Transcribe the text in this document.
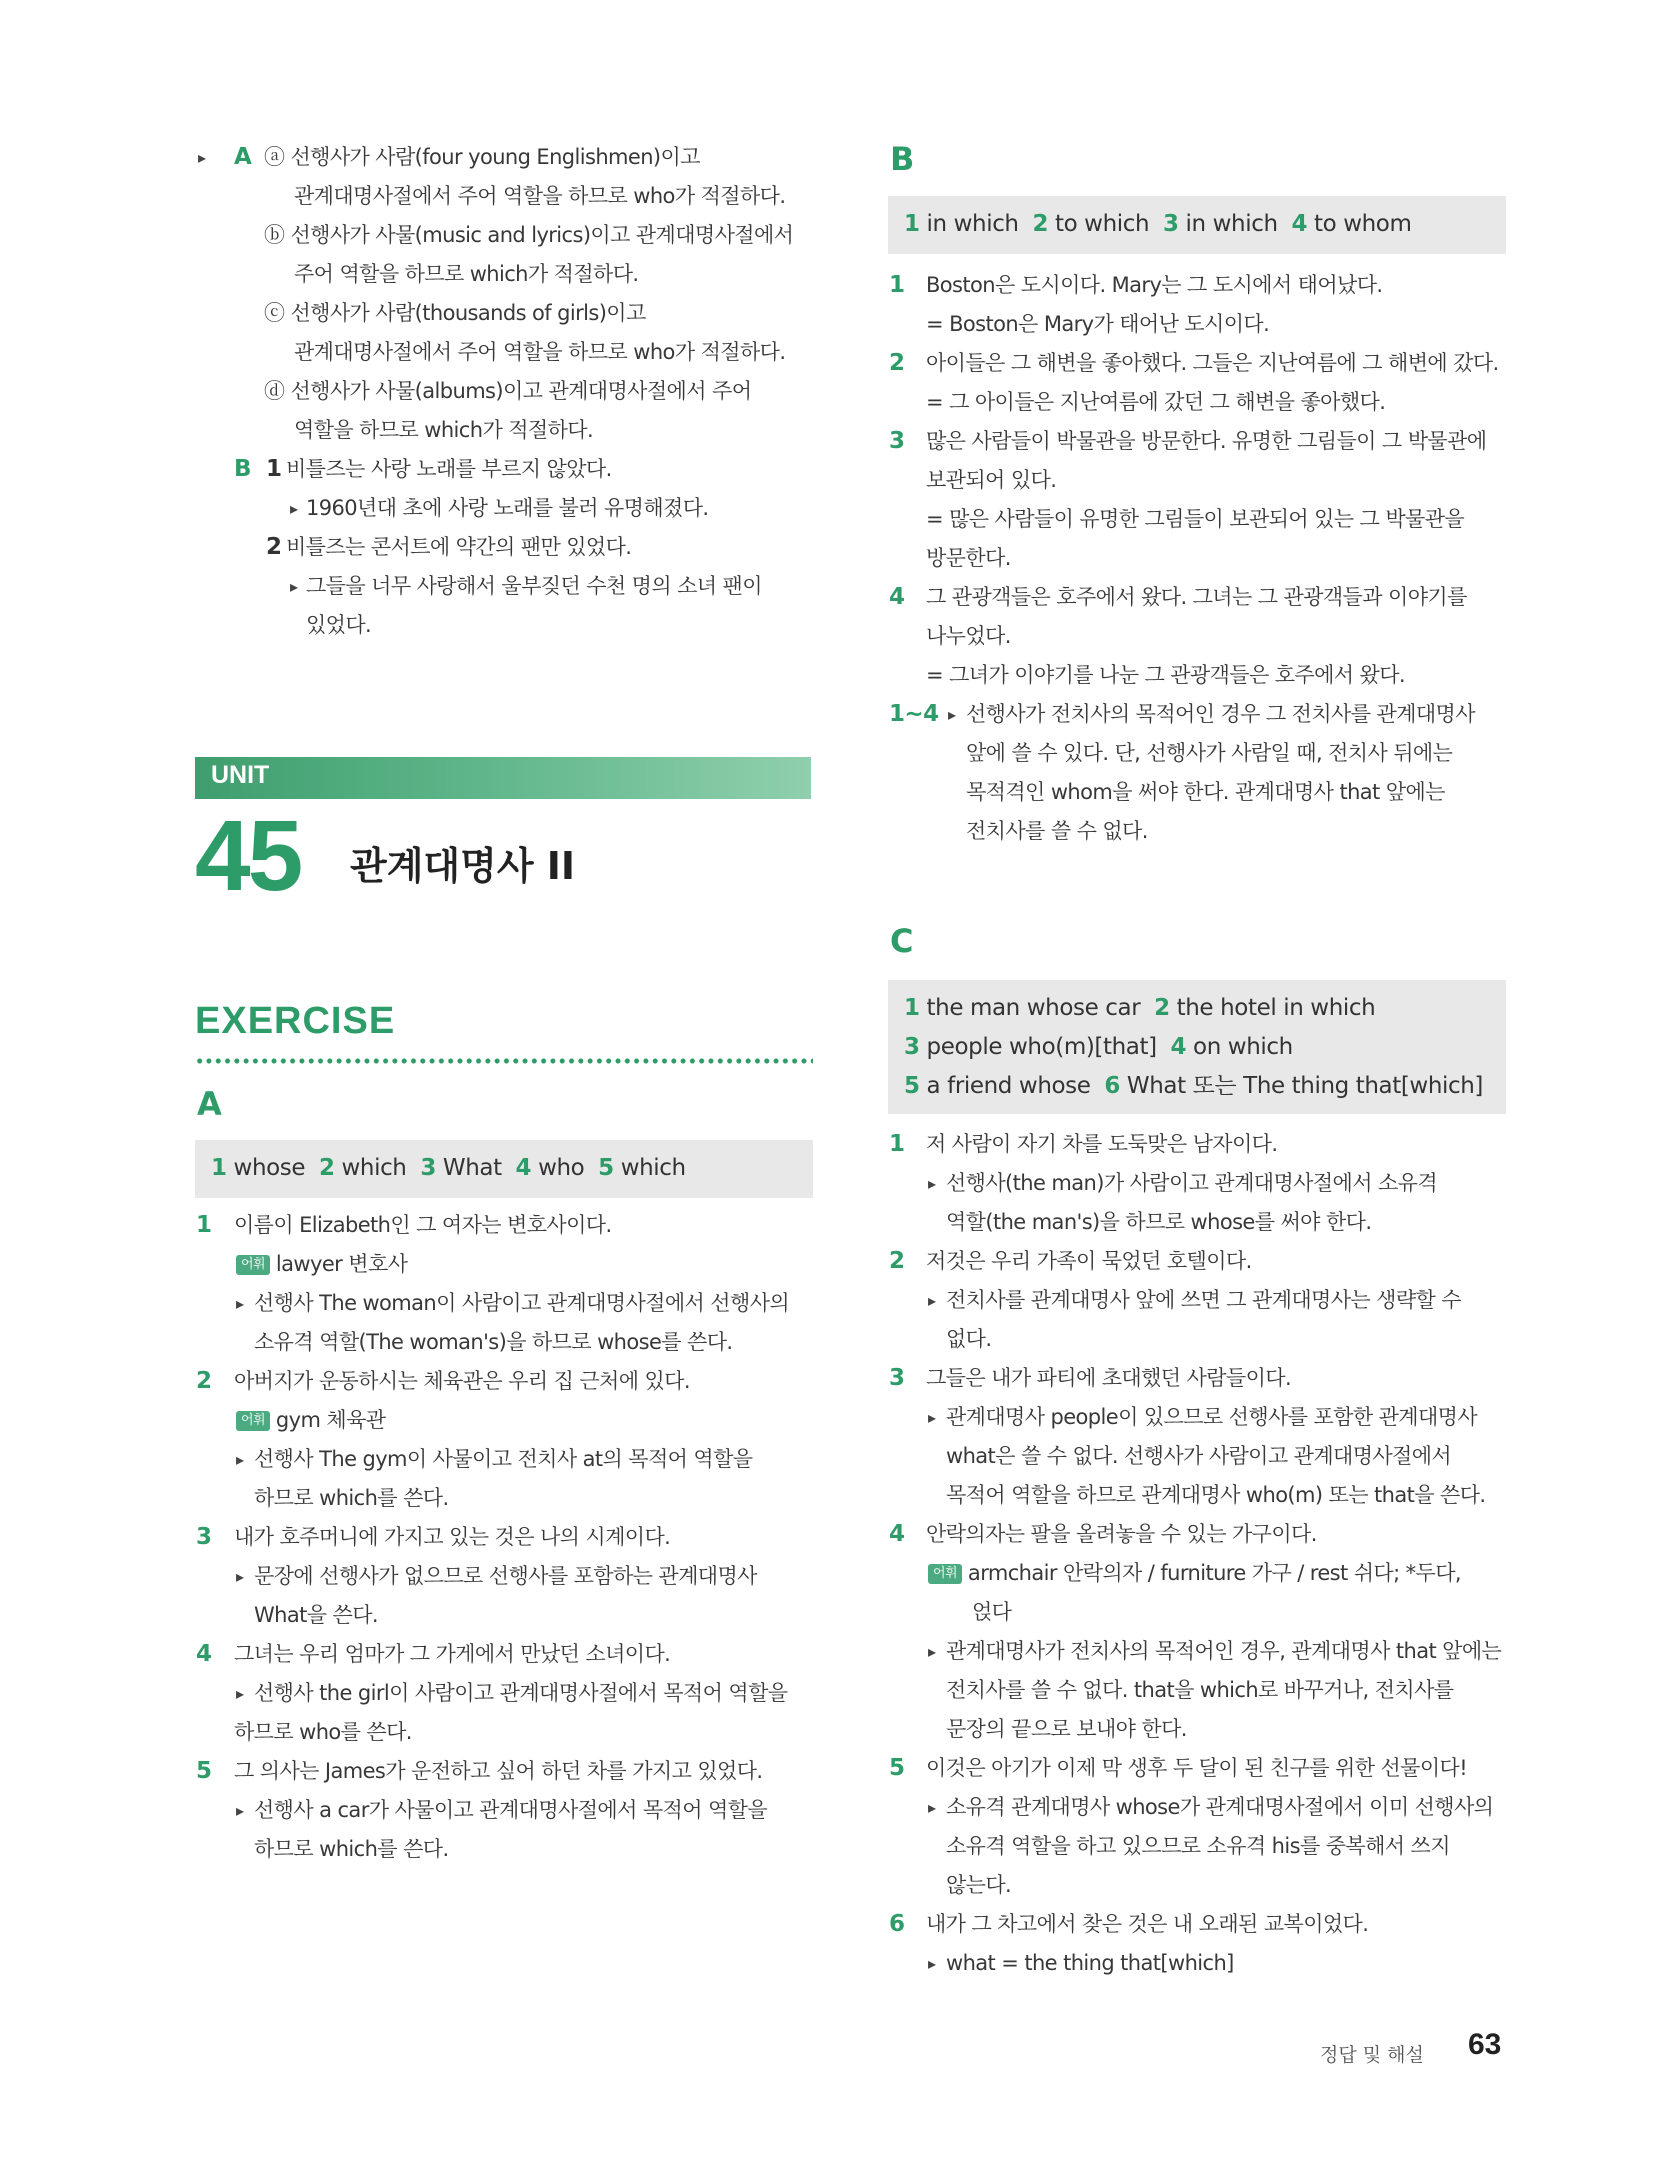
▸ A ⓐ 선행사가 사람(four young Englishmen)이고
관계대명사절에서 주어 역할을 하므로 who가 적절하다.
ⓑ 선행사가 사물(music and lyrics)이고 관계대명사절에서
주어 역할을 하므로 which가 적절하다.
ⓒ 선행사가 사람(thousands of girls)이고
관계대명사절에서 주어 역할을 하므로 who가 적절하다.
ⓓ 선행사가 사물(albums)이고 관계대명사절에서 주어
역할을 하므로 which가 적절하다.
B 1 비틀즈는 사랑 노래를 부르지 않았다.
▸ 1960년대 초에 사랑 노래를 불러 유명해졌다.
2 비틀즈는 콘서트에 약간의 팬만 있었다.
▸ 그들을 너무 사랑해서 울부짖던 수천 명의 소녀 팬이
있었다.
UNIT
45 관계대명사 II
EXERCISE
A
1 whose 2 which 3 What 4 who 5 which
1 이름이 Elizabeth인 그 여자는 변호사이다.
어휘 lawyer 변호사
▸ 선행사 The woman이 사람이고 관계대명사절에서 선행사의
소유격 역할(The woman's)을 하므로 whose를 쓴다.
2 아버지가 운동하시는 체육관은 우리 집 근처에 있다.
어휘 gym 체육관
▸ 선행사 The gym이 사물이고 전치사 at의 목적어 역할을
하므로 which를 쓴다.
3 내가 호주머니에 가지고 있는 것은 나의 시계이다.
▸ 문장에 선행사가 없으므로 선행사를 포함하는 관계대명사
What을 쓴다.
4 그녀는 우리 엄마가 그 가게에서 만났던 소녀이다.
▸ 선행사 the girl이 사람이고 관계대명사절에서 목적어 역할을
하므로 who를 쓴다.
5 그 의사는 James가 운전하고 싶어 하던 차를 가지고 있었다.
▸ 선행사 a car가 사물이고 관계대명사절에서 목적어 역할을
하므로 which를 쓴다.
B
1 in which 2 to which 3 in which 4 to whom
1 Boston은 도시이다. Mary는 그 도시에서 태어났다.
= Boston은 Mary가 태어난 도시이다.
2 아이들은 그 해변을 좋아했다. 그들은 지난여름에 그 해변에 갔다.
= 그 아이들은 지난여름에 갔던 그 해변을 좋아했다.
3 많은 사람들이 박물관을 방문한다. 유명한 그림들이 그 박물관에
보관되어 있다.
= 많은 사람들이 유명한 그림들이 보관되어 있는 그 박물관을
방문한다.
4 그 관광객들은 호주에서 왔다. 그녀는 그 관광객들과 이야기를
나누었다.
= 그녀가 이야기를 나눈 그 관광객들은 호주에서 왔다.
1~4 ▸ 선행사가 전치사의 목적어인 경우 그 전치사를 관계대명사
앞에 쓸 수 있다. 단, 선행사가 사람일 때, 전치사 뒤에는
목적격인 whom을 써야 한다. 관계대명사 that 앞에는
전치사를 쓸 수 없다.
C
1 the man whose car 2 the hotel in which
3 people who(m)[that] 4 on which
5 a friend whose 6 What 또는 The thing that[which]
1 저 사람이 자기 차를 도둑맞은 남자이다.
▸ 선행사(the man)가 사람이고 관계대명사절에서 소유격
역할(the man's)을 하므로 whose를 써야 한다.
2 저것은 우리 가족이 묵었던 호텔이다.
▸ 전치사를 관계대명사 앞에 쓰면 그 관계대명사는 생략할 수
없다.
3 그들은 내가 파티에 초대했던 사람들이다.
▸ 관계대명사 people이 있으므로 선행사를 포함한 관계대명사
what은 쓸 수 없다. 선행사가 사람이고 관계대명사절에서
목적어 역할을 하므로 관계대명사 who(m) 또는 that을 쓴다.
4 안락의자는 팔을 올려놓을 수 있는 가구이다.
어휘 armchair 안락의자 / furniture 가구 / rest 쉬다; *두다,
얹다
▸ 관계대명사가 전치사의 목적어인 경우, 관계대명사 that 앞에는
전치사를 쓸 수 없다. that을 which로 바꾸거나, 전치사를
문장의 끝으로 보내야 한다.
5 이것은 아기가 이제 막 생후 두 달이 된 친구를 위한 선물이다!
▸ 소유격 관계대명사 whose가 관계대명사절에서 이미 선행사의
소유격 역할을 하고 있으므로 소유격 his를 중복해서 쓰지
않는다.
6 내가 그 차고에서 찾은 것은 내 오래된 교복이었다.
▸ what = the thing that[which]
정답 및 해설 63
